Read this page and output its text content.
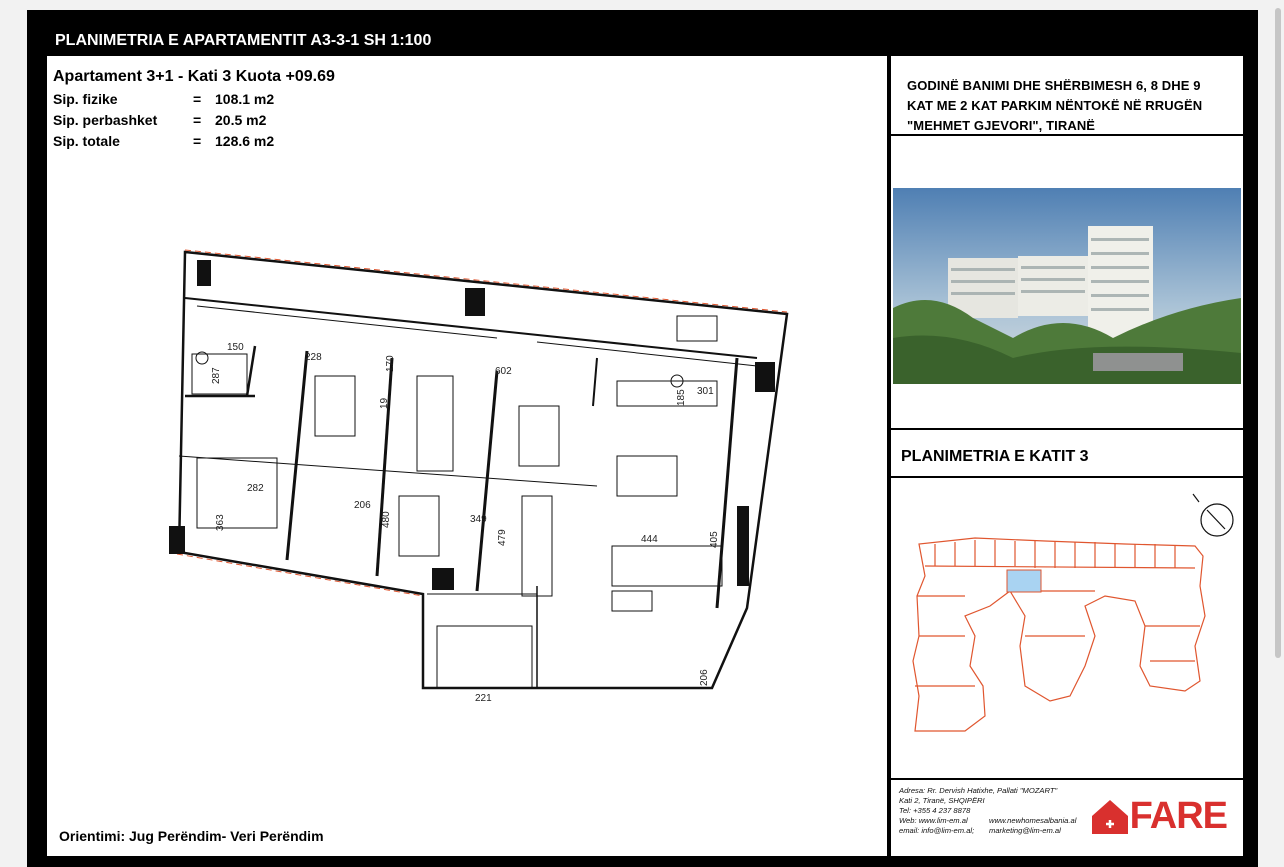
PLANIMETRIA E APARTAMENTIT A3-3-1 SH 1:100
Apartament 3+1 - Kati 3 Kuota +09.69
Sip. fizike	= 108.1 m2
Sip. perbashket	= 20.5 m2
Sip. totale	= 128.6 m2
150
228
287
170	602
185 301
19
282
206
363	480	349
479	444	405
221
206
Orientimi: Jug Perëndim- Veri Perëndim
GODINË BANIMI DHE SHËRBIMESH 6, 8 DHE 9
KAT ME 2 KAT PARKIM NËNTOKË NË RRUGËN
"MEHMET GJEVORI", TIRANË
PLANIMETRIA E KATIT 3
Adresa: Rr. Dervish Hatixhe, Pallati "MOZART"
Kati 2, Tiranë, SHQIPËRI
Tel: +355 4 237 8878
Web: www.lim-em.al	www.newhomesalbania.al
email: info@lim-em.al; marketing@lim-em.al	FARE
